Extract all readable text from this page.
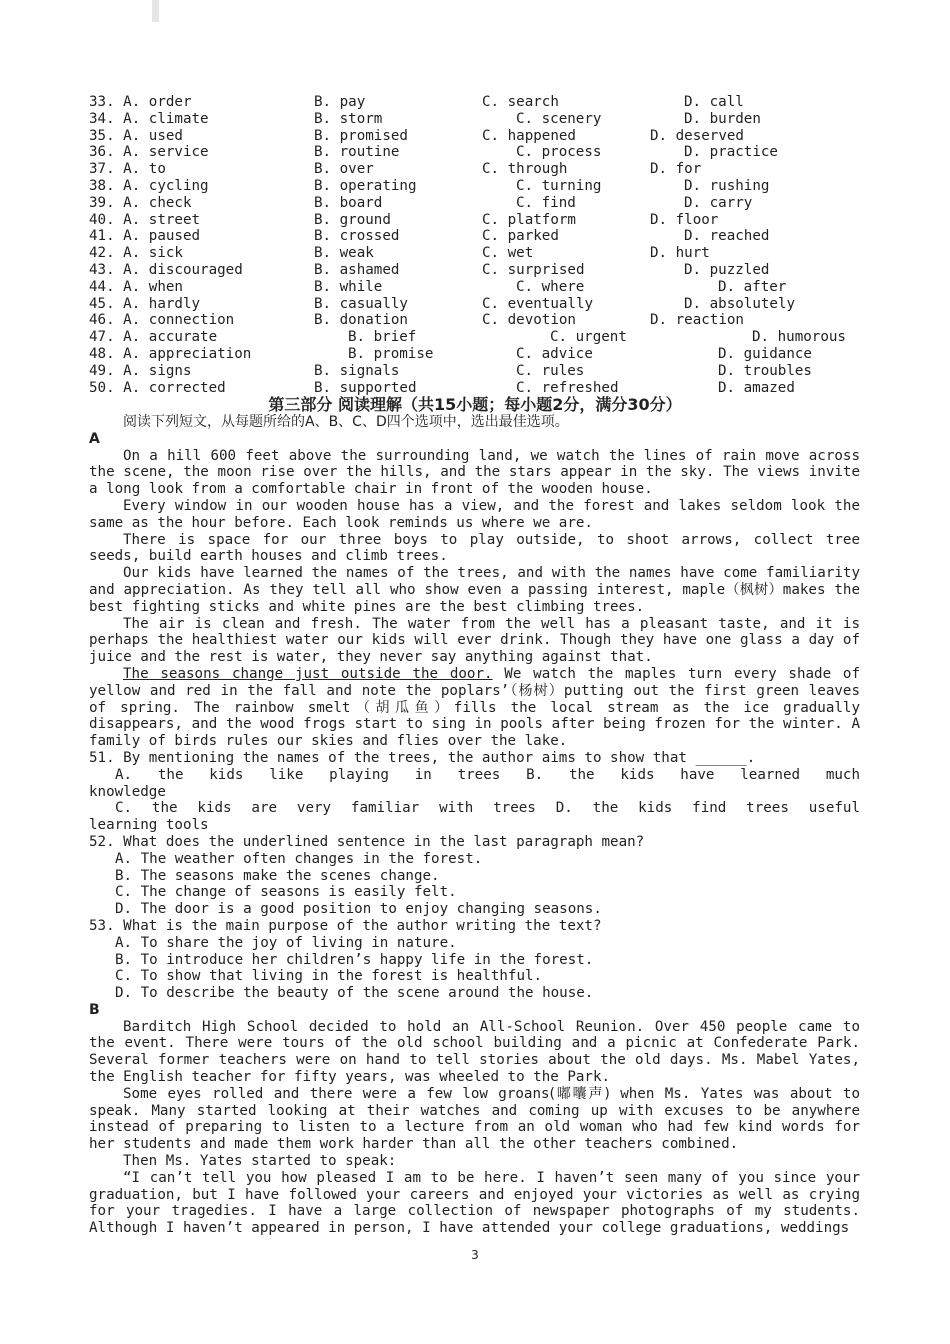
33. A. order	B. pay	C. search	D. call
34. A. climate	B. storm	C. scenery	D. burden
35. A. used	B. promised	C. happened	D. deserved
36. A. service	B. routine	C. process	D. practice
37. A. to	B. over	C. through	D. for
38. A. cycling	B. operating	C. turning	D. rushing
39. A. check	B. board	C. find	D. carry
40. A. street	B. ground	C. platform	D. floor
41. A. paused	B. crossed	C. parked	D. reached
42. A. sick	B. weak	C. wet	D. hurt
43. A. discouraged	B. ashamed	C. surprised	D. puzzled
44. A. when	B. while	C. where	D. after
45. A. hardly	B. casually	C. eventually	D. absolutely
46. A. connection	B. donation	C. devotion	D. reaction
47. A. accurate	B. brief	C. urgent	D. humorous
48. A. appreciation	B. promise	C. advice	D. guidance
49. A. signs	B. signals	C. rules	D. troubles
50. A. corrected	B. supported	C. refreshed	D. amazed
第三部分 阅读理解（共15小题；每小题2分，满分30分）

阅读下列短文，从每题所给的A、B、C、D四个选项中，选出最佳选项。

A

On a hill 600 feet above the surrounding land, we watch the lines of rain move across the scene, the moon rise over the hills, and the stars appear in the sky. The views invite a long look from a comfortable chair in front of the wooden house.

Every window in our wooden house has a view, and the forest and lakes seldom look the same as the hour before. Each look reminds us where we are.

There is space for our three boys to play outside, to shoot arrows, collect tree seeds, build earth houses and climb trees.

Our kids have learned the names of the trees, and with the names have come familiarity and appreciation. As they tell all who show even a passing interest, maple（枫树）makes the best fighting sticks and white pines are the best climbing trees.

The air is clean and fresh. The water from the well has a pleasant taste, and it is perhaps the healthiest water our kids will ever drink. Though they have one glass a day of juice and the rest is water, they never say anything against that.

The seasons change just outside the door. We watch the maples turn every shade of yellow and red in the fall and note the poplars’（杨树）putting out the first green leaves of spring. The rainbow smelt（胡瓜鱼）fills the local stream as the ice gradually disappears, and the wood frogs start to sing in pools after being frozen for the winter. A family of birds rules our skies and flies over the lake.

51. By mentioning the names of the trees, the author aims to show that ______.

A. the kids like playing in trees B. the kids have learned much

knowledge

C. the kids are very familiar with trees D. the kids find trees useful

learning tools

52. What does the underlined sentence in the last paragraph mean?

A. The weather often changes in the forest.

B. The seasons make the scenes change.

C. The change of seasons is easily felt.

D. The door is a good position to enjoy changing seasons.

53. What is the main purpose of the author writing the text?

A. To share the joy of living in nature.

B. To introduce her children’s happy life in the forest.

C. To show that living in the forest is healthful.

D. To describe the beauty of the scene around the house.

B

Barditch High School decided to hold an All-School Reunion. Over 450 people came to the event. There were tours of the old school building and a picnic at Confederate Park. Several former teachers were on hand to tell stories about the old days. Ms. Mabel Yates, the English teacher for fifty years, was wheeled to the Park.

Some eyes rolled and there were a few low groans(嘟囔声) when Ms. Yates was about to speak. Many started looking at their watches and coming up with excuses to be anywhere instead of preparing to listen to a lecture from an old woman who had few kind words for her students and made them work harder than all the other teachers combined.

Then Ms. Yates started to speak:

“I can’t tell you how pleased I am to be here. I haven’t seen many of you since your graduation, but I have followed your careers and enjoyed your victories as well as crying for your tragedies. I have a large collection of newspaper photographs of my students. Although I haven’t appeared in person, I have attended your college graduations, weddings

3
